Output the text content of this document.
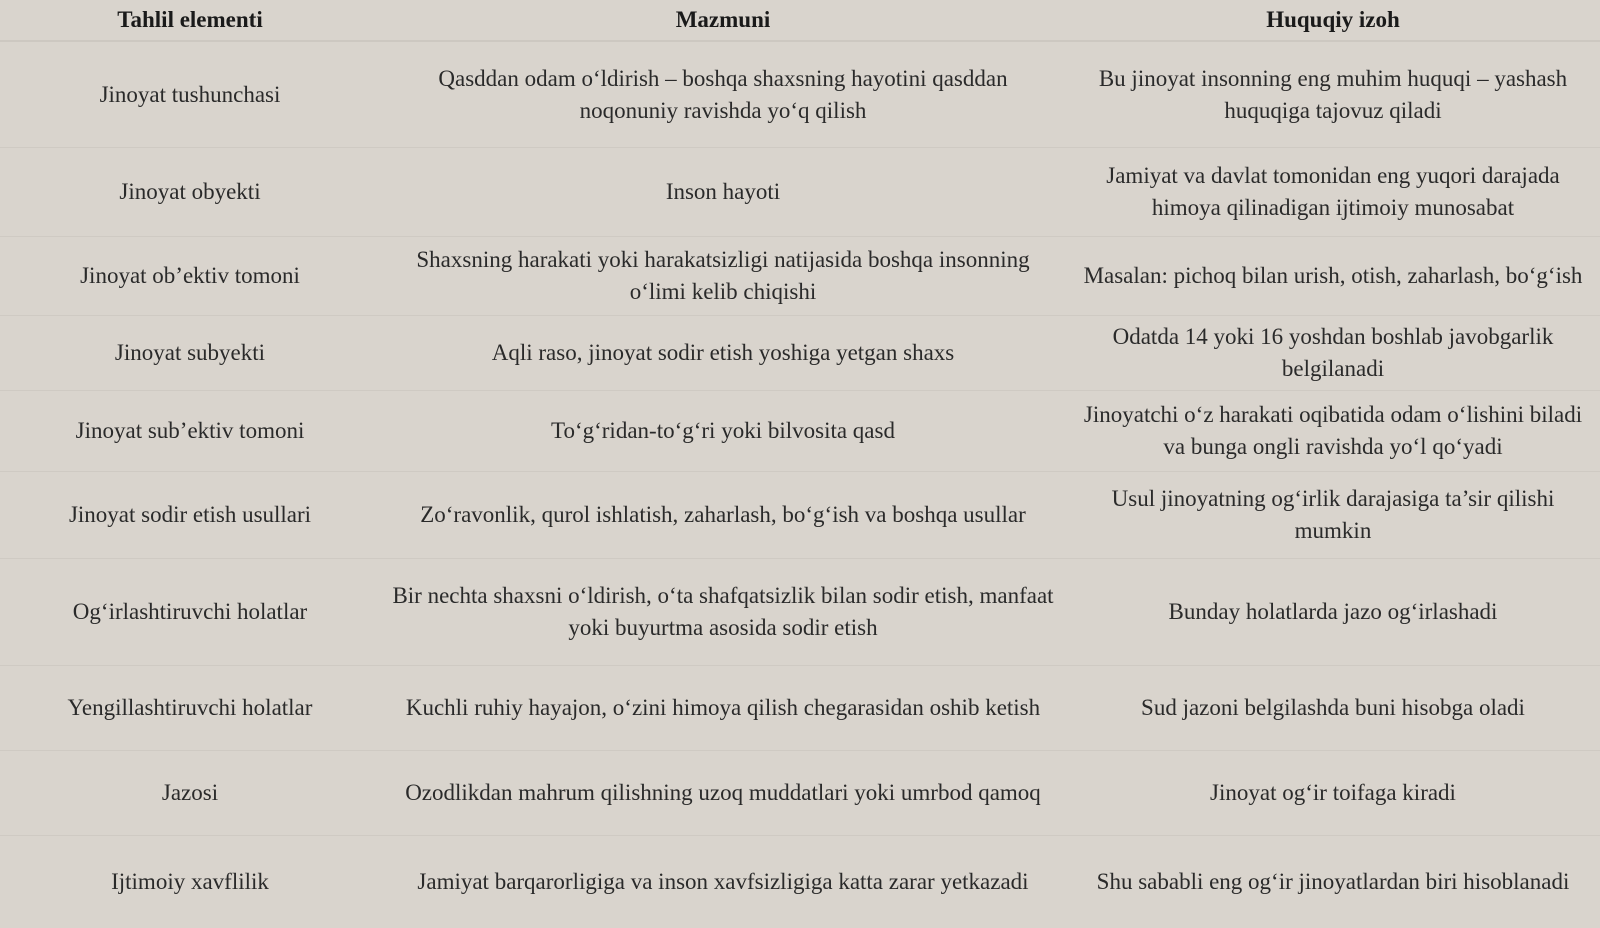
Tahlil elementi	Mazmuni	Huquqiy izoh
Jinoyat tushunchasi	Qasddan odam o‘ldirish – boshqa shaxsning hayotini qasddan noqonuniy ravishda yo‘q qilish	Bu jinoyat insonning eng muhim huquqi – yashash huquqiga tajovuz qiladi
Jinoyat obyekti	Inson hayoti	Jamiyat va davlat tomonidan eng yuqori darajada himoya qilinadigan ijtimoiy munosabat
Jinoyat ob’ektiv tomoni	Shaxsning harakati yoki harakatsizligi natijasida boshqa insonning o‘limi kelib chiqishi	Masalan: pichoq bilan urish, otish, zaharlash, bo‘g‘ish
Jinoyat subyekti	Aqli raso, jinoyat sodir etish yoshiga yetgan shaxs	Odatda 14 yoki 16 yoshdan boshlab javobgarlik belgilanadi
Jinoyat sub’ektiv tomoni	To‘g‘ridan-to‘g‘ri yoki bilvosita qasd	Jinoyatchi o‘z harakati oqibatida odam o‘lishini biladi va bunga ongli ravishda yo‘l qo‘yadi
Jinoyat sodir etish usullari	Zo‘ravonlik, qurol ishlatish, zaharlash, bo‘g‘ish va boshqa usullar	Usul jinoyatning og‘irlik darajasiga ta’sir qilishi mumkin
Og‘irlashtiruvchi holatlar	Bir nechta shaxsni o‘ldirish, o‘ta shafqatsizlik bilan sodir etish, manfaat yoki buyurtma asosida sodir etish	Bunday holatlarda jazo og‘irlashadi
Yengillashtiruvchi holatlar	Kuchli ruhiy hayajon, o‘zini himoya qilish chegarasidan oshib ketish	Sud jazoni belgilashda buni hisobga oladi
Jazosi	Ozodlikdan mahrum qilishning uzoq muddatlari yoki umrbod qamoq	Jinoyat og‘ir toifaga kiradi
Ijtimoiy xavflilik	Jamiyat barqarorligiga va inson xavfsizligiga katta zarar yetkazadi	Shu sababli eng og‘ir jinoyatlardan biri hisoblanadi
